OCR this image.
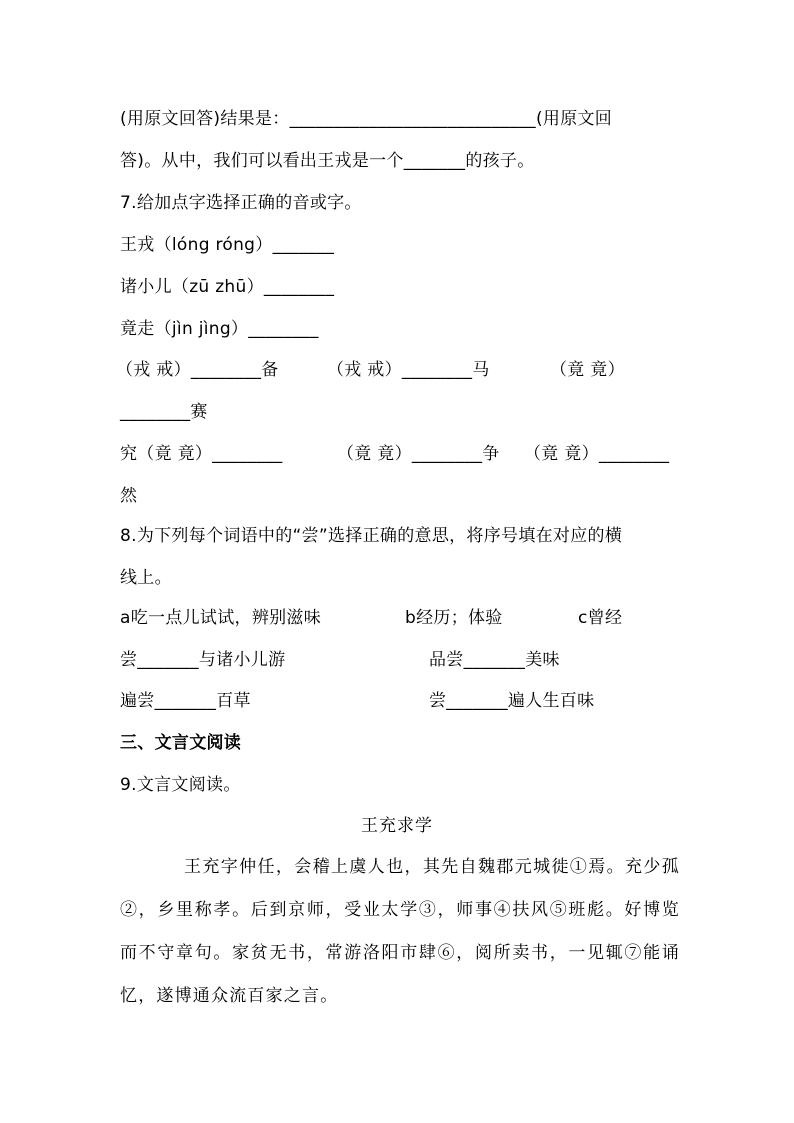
(用原文回答)结果是：____________________________(用原文回
答)。从中，我们可以看出王戎是一个_______的孩子。
7.给加点字选择正确的音或字。
王戎（lóng róng）_______
诸小儿（zū zhū）________
竟走（jìn jìng）________
（戎 戒）________备	（戎 戒）________马	（竟 竟）
________赛
究（竟 竟）________	（竟 竟）________争 （竟 竟）________
然
8.为下列每个词语中的“尝”选择正确的意思，将序号填在对应的横
线上。
a吃一点儿试试，辨别滋味	b经历；体验	c曾经
尝_______与诸小儿游	品尝_______美味
遍尝_______百草	尝_______遍人生百味
三、文言文阅读
9.文言文阅读。
王充求学
王充字仲任，会稽上虞人也，其先自魏郡元城徙①焉。充少孤②，乡里称孝。后到京师，受业太学③，师事④扶风⑤班彪。好博览而不守章句。家贫无书，常游洛阳市肆⑥，阅所卖书，一见辄⑦能诵忆，遂博通众流百家之言。
